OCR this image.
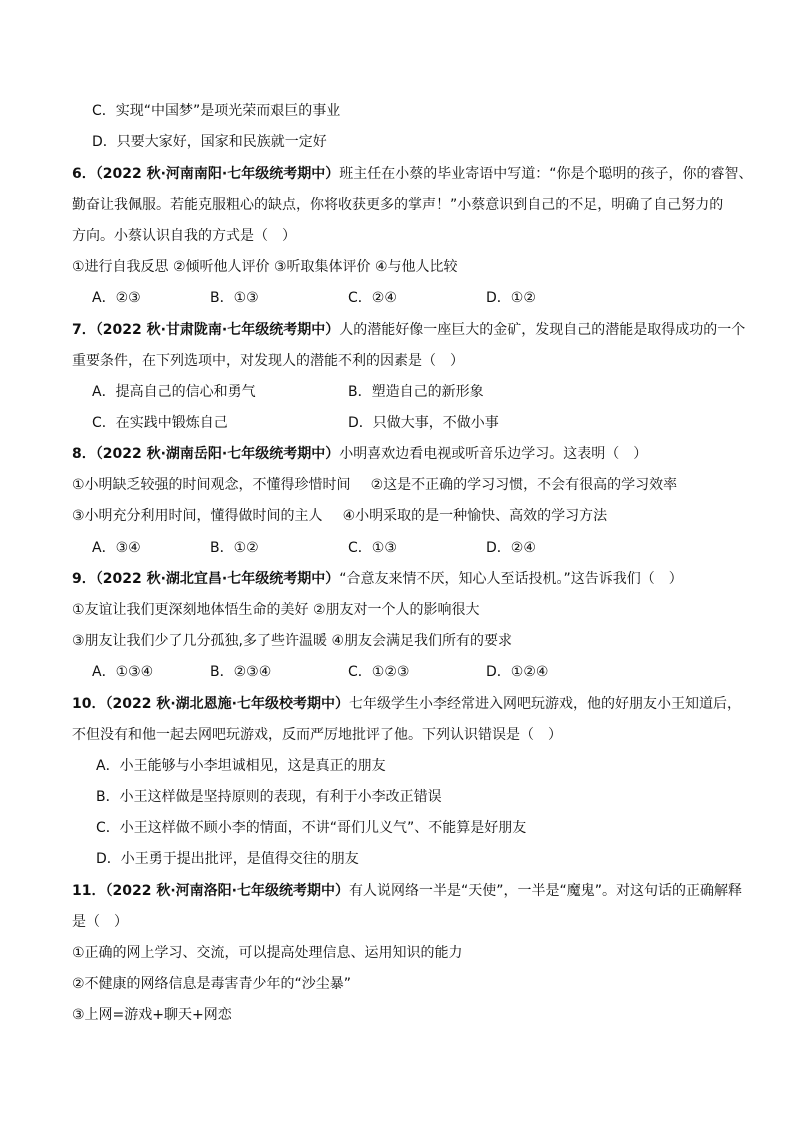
C．实现“中国梦”是项光荣而艰巨的事业
D．只要大家好，国家和民族就一定好
6．（2022 秋·河南南阳·七年级统考期中）班主任在小蔡的毕业寄语中写道：“你是个聪明的孩子，你的睿智、
勤奋让我佩服。若能克服粗心的缺点，你将收获更多的掌声！”小蔡意识到自己的不足，明确了自己努力的
方向。小蔡认识自我的方式是（　）
①进行自我反思 ②倾听他人评价 ③听取集体评价 ④与他人比较
A．②③	B．①③	C．②④	D．①②
7．（2022 秋·甘肃陇南·七年级统考期中）人的潜能好像一座巨大的金矿，发现自己的潜能是取得成功的一个
重要条件，在下列选项中，对发现人的潜能不利的因素是（　）
A．提高自己的信心和勇气	B．塑造自己的新形象
C．在实践中锻炼自己	D．只做大事，不做小事
8．（2022 秋·湖南岳阳·七年级统考期中）小明喜欢边看电视或听音乐边学习。这表明（　）
①小明缺乏较强的时间观念，不懂得珍惜时间 ②这是不正确的学习习惯，不会有很高的学习效率
③小明充分利用时间，懂得做时间的主人 ④小明采取的是一种愉快、高效的学习方法
A．③④	B．①②	C．①③	D．②④
9．（2022 秋·湖北宜昌·七年级统考期中）“合意友来情不厌，知心人至话投机。”这告诉我们（　）
①友谊让我们更深刻地体悟生命的美好 ②朋友对一个人的影响很大
③朋友让我们少了几分孤独,多了些许温暖 ④朋友会满足我们所有的要求
A．①③④	B．②③④	C．①②③	D．①②④
10．（2022 秋·湖北恩施·七年级校考期中）七年级学生小李经常进入网吧玩游戏，他的好朋友小王知道后，
不但没有和他一起去网吧玩游戏，反而严厉地批评了他。下列认识错误是（　）
A．小王能够与小李坦诚相见，这是真正的朋友
B．小王这样做是坚持原则的表现，有利于小李改正错误
C．小王这样做不顾小李的情面，不讲“哥们儿义气”、不能算是好朋友
D．小王勇于提出批评，是值得交往的朋友
11．（2022 秋·河南洛阳·七年级统考期中）有人说网络一半是“天使”，一半是“魔鬼”。对这句话的正确解释
是（　）
①正确的网上学习、交流，可以提高处理信息、运用知识的能力
②不健康的网络信息是毒害青少年的“沙尘暴”
③上网=游戏+聊天+网恋
